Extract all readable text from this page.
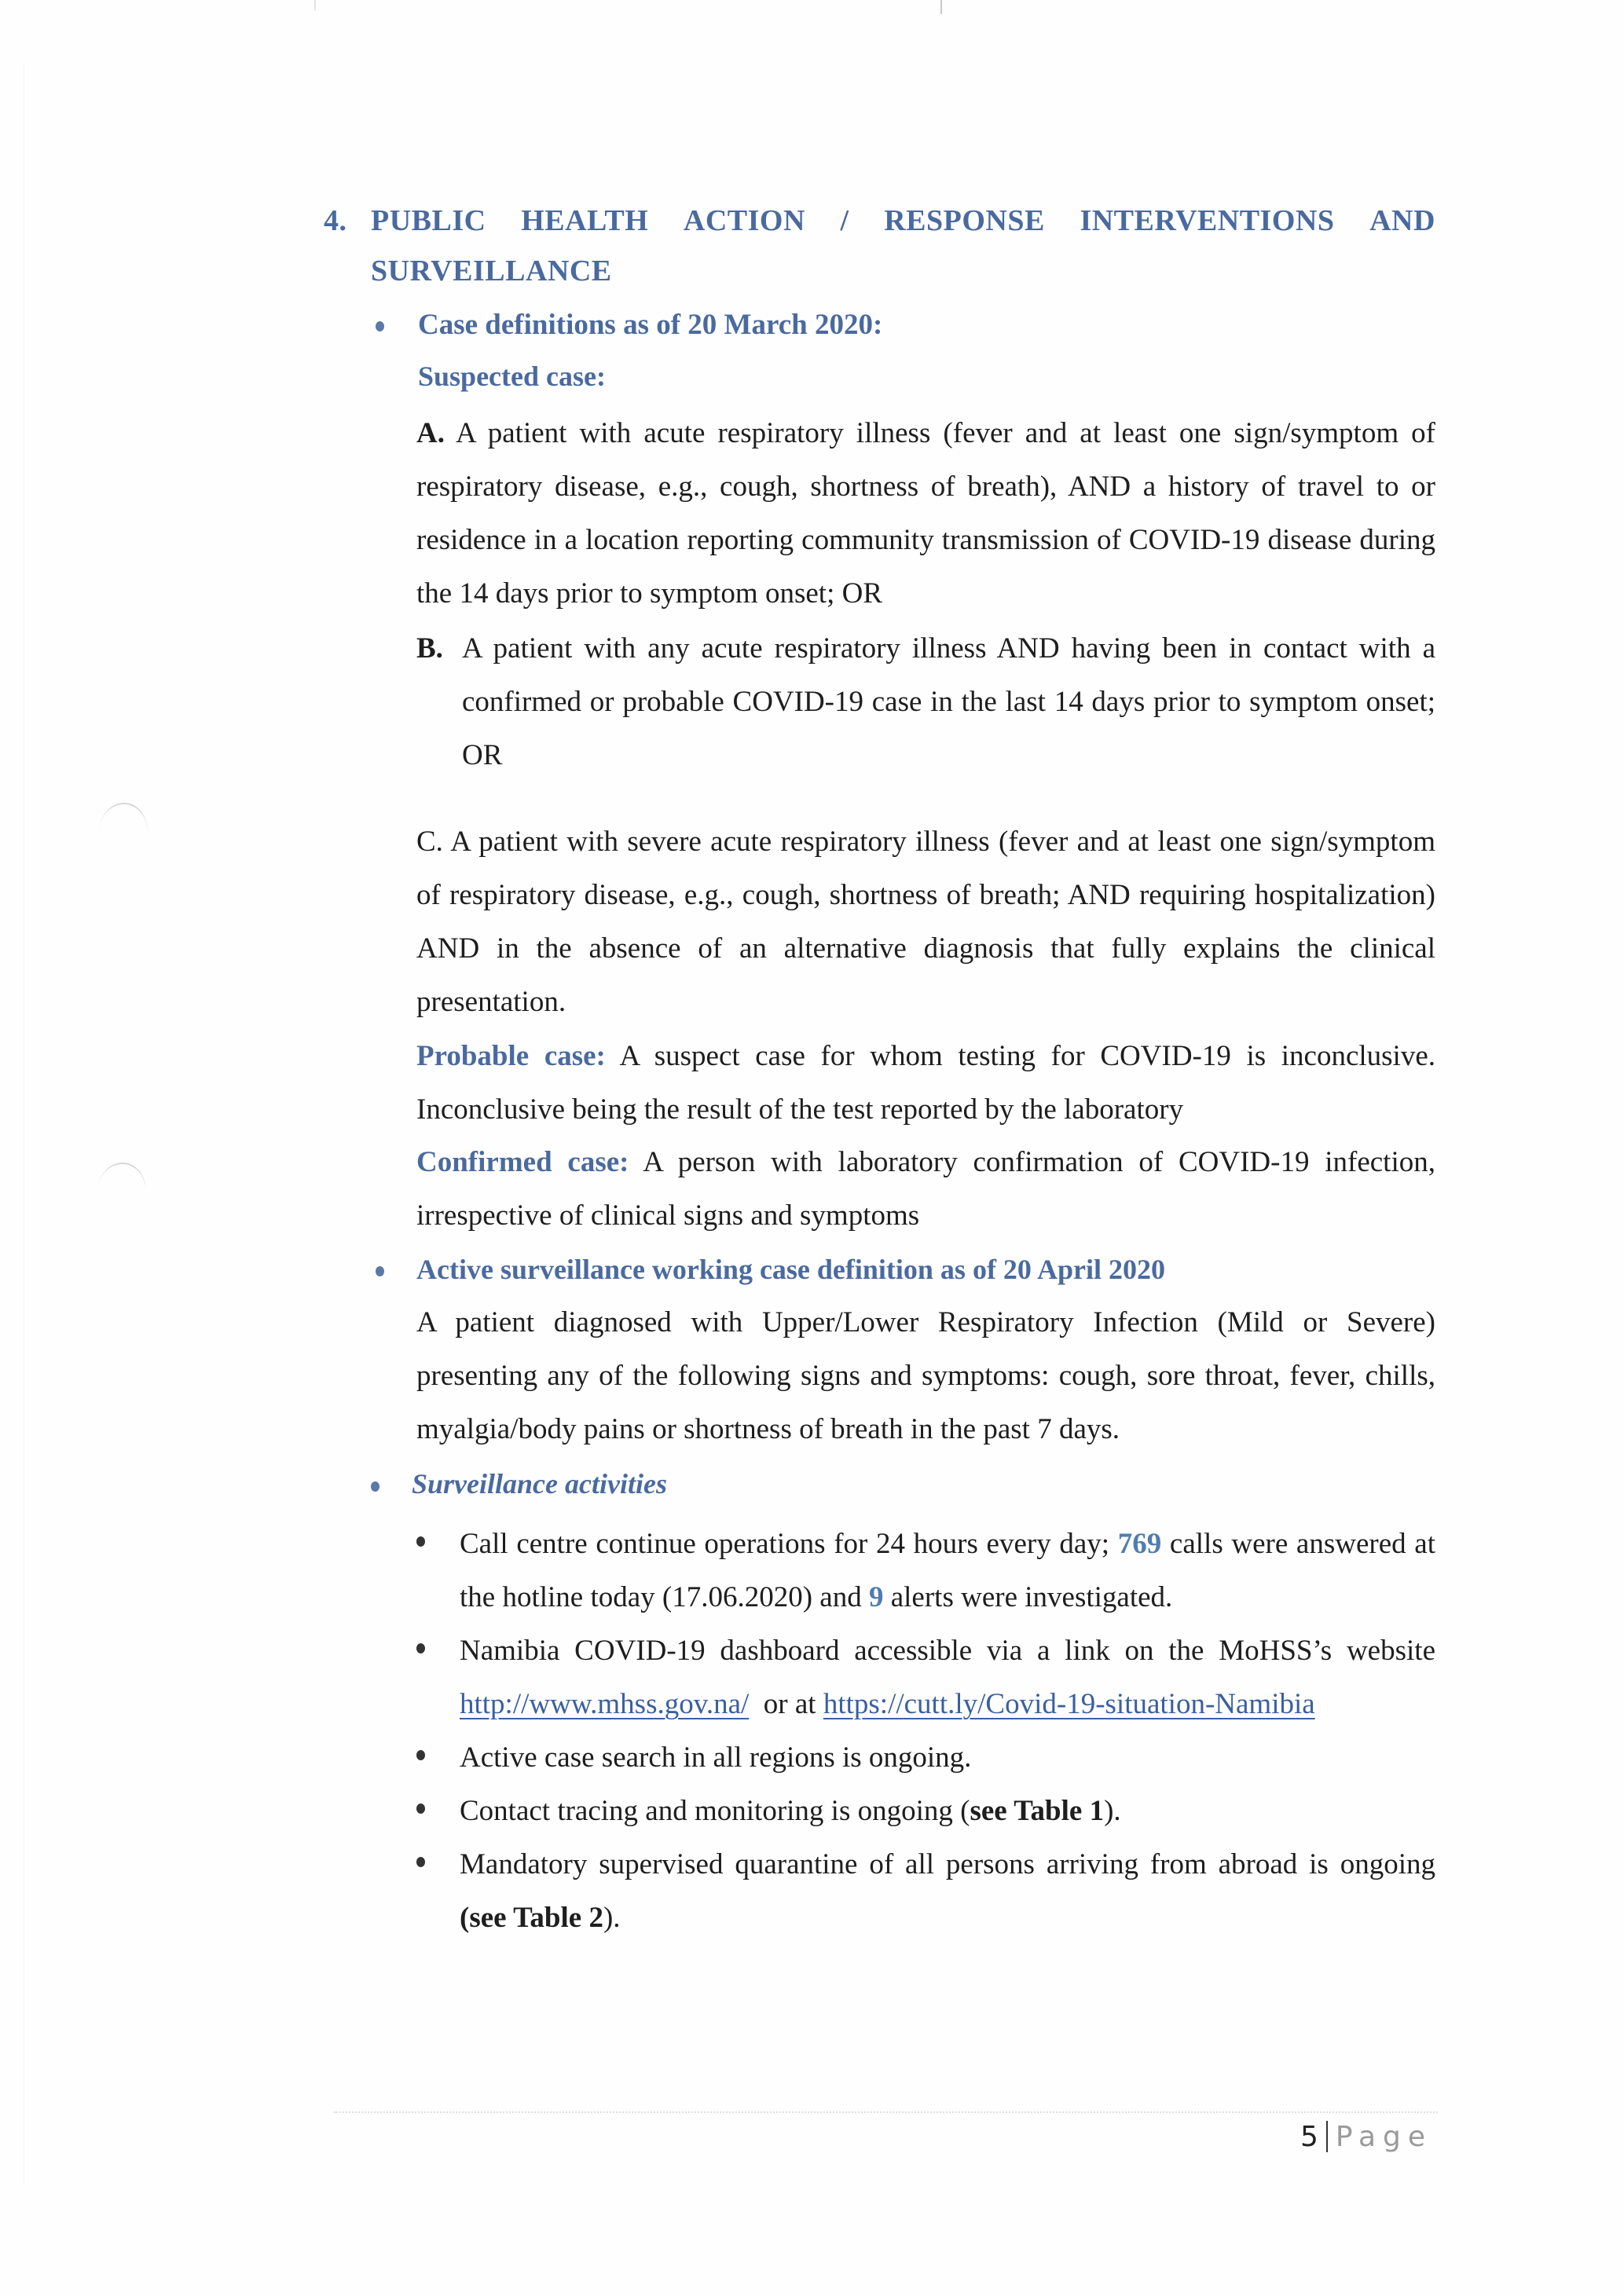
4. PUBLIC HEALTH ACTION / RESPONSE INTERVENTIONS AND
SURVEILLANCE
Case definitions as of 20 March 2020:
Suspected case:
A. A patient with acute respiratory illness (fever and at least one sign/symptom of respiratory disease, e.g., cough, shortness of breath), AND a history of travel to or residence in a location reporting community transmission of COVID-19 disease during the 14 days prior to symptom onset; OR
B. A patient with any acute respiratory illness AND having been in contact with a confirmed or probable COVID-19 case in the last 14 days prior to symptom onset; OR
C. A patient with severe acute respiratory illness (fever and at least one sign/symptom of respiratory disease, e.g., cough, shortness of breath; AND requiring hospitalization) AND in the absence of an alternative diagnosis that fully explains the clinical presentation.
Probable case: A suspect case for whom testing for COVID-19 is inconclusive. Inconclusive being the result of the test reported by the laboratory
Confirmed case: A person with laboratory confirmation of COVID-19 infection, irrespective of clinical signs and symptoms
Active surveillance working case definition as of 20 April 2020
A patient diagnosed with Upper/Lower Respiratory Infection (Mild or Severe) presenting any of the following signs and symptoms: cough, sore throat, fever, chills, myalgia/body pains or shortness of breath in the past 7 days.
Surveillance activities
Call centre continue operations for 24 hours every day; 769 calls were answered at the hotline today (17.06.2020) and 9 alerts were investigated.
Namibia COVID-19 dashboard accessible via a link on the MoHSS’s website http://www.mhss.gov.na/  or at https://cutt.ly/Covid-19-situation-Namibia
Active case search in all regions is ongoing.
Contact tracing and monitoring is ongoing (see Table 1).
Mandatory supervised quarantine of all persons arriving from abroad is ongoing (see Table 2).
5 Page
